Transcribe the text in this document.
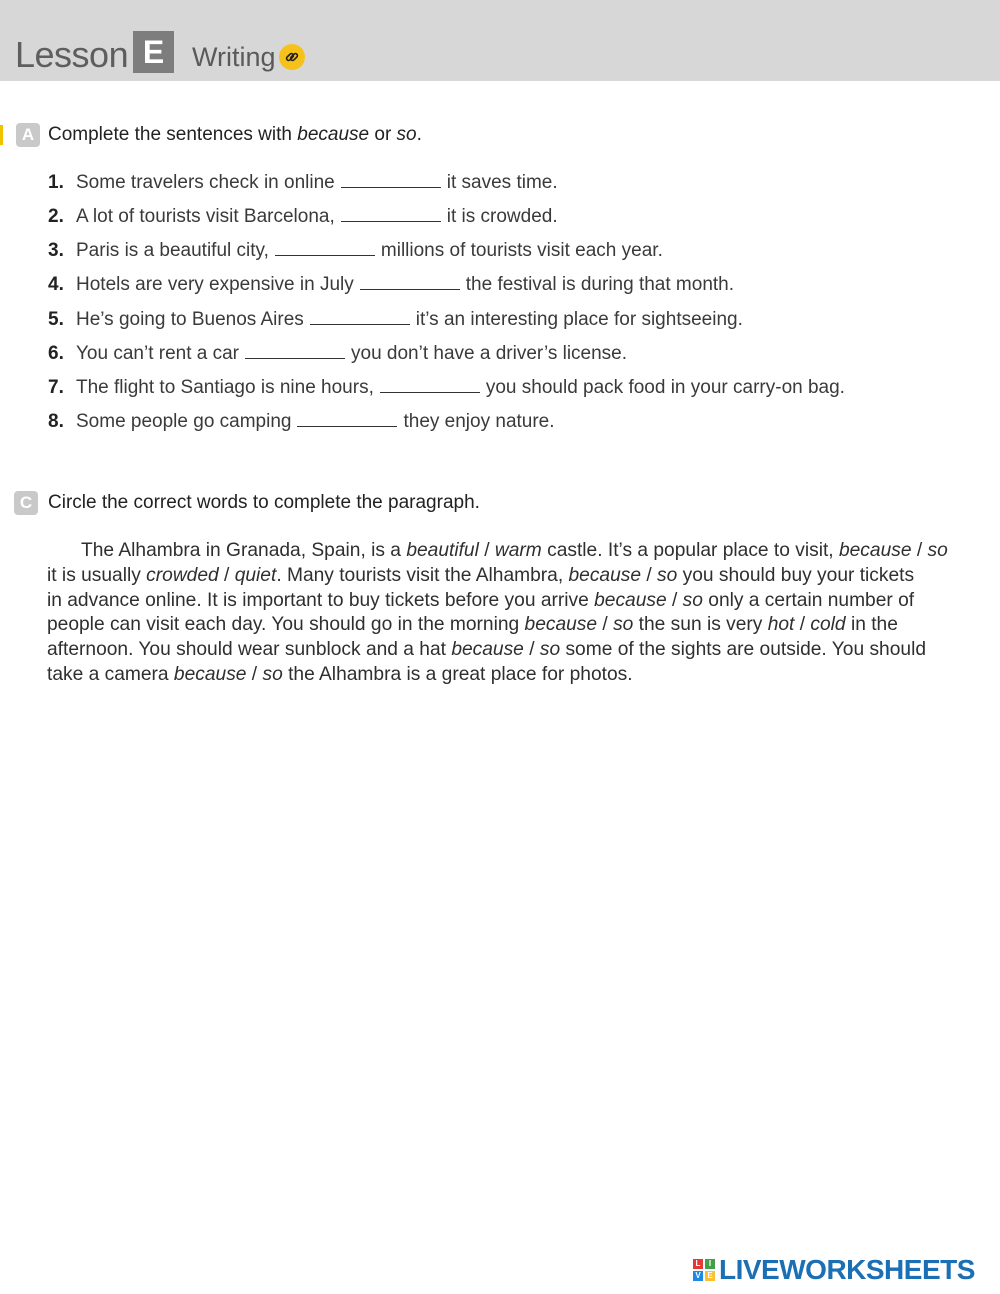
Lesson E	Writing
A Complete the sentences with because or so.
1. Some travelers check in online	it saves time.
2. A lot of tourists visit Barcelona,	it is crowded.
3. Paris is a beautiful city,	millions of tourists visit each year.
4. Hotels are very expensive in July	the festival is during that month.
5. He’s going to Buenos Aires	it’s an interesting place for sightseeing.
6. You can’t rent a car	you don’t have a driver’s license.
7. The flight to Santiago is nine hours,	you should pack food in your carry-on bag.
8. Some people go camping	they enjoy nature.
C Circle the correct words to complete the paragraph.
The Alhambra in Granada, Spain, is a beautiful / warm castle. It’s a popular place to visit, because / so
it is usually crowded / quiet. Many tourists visit the Alhambra, because / so you should buy your tickets
in advance online. It is important to buy tickets before you arrive because / so only a certain number of
people can visit each day. You should go in the morning because / so the sun is very hot / cold in the
afternoon. You should wear sunblock and a hat because / so some of the sights are outside. You should
take a camera because / so the Alhambra is a great place for photos.
L	I
V E LIVEWORKSHEETS
